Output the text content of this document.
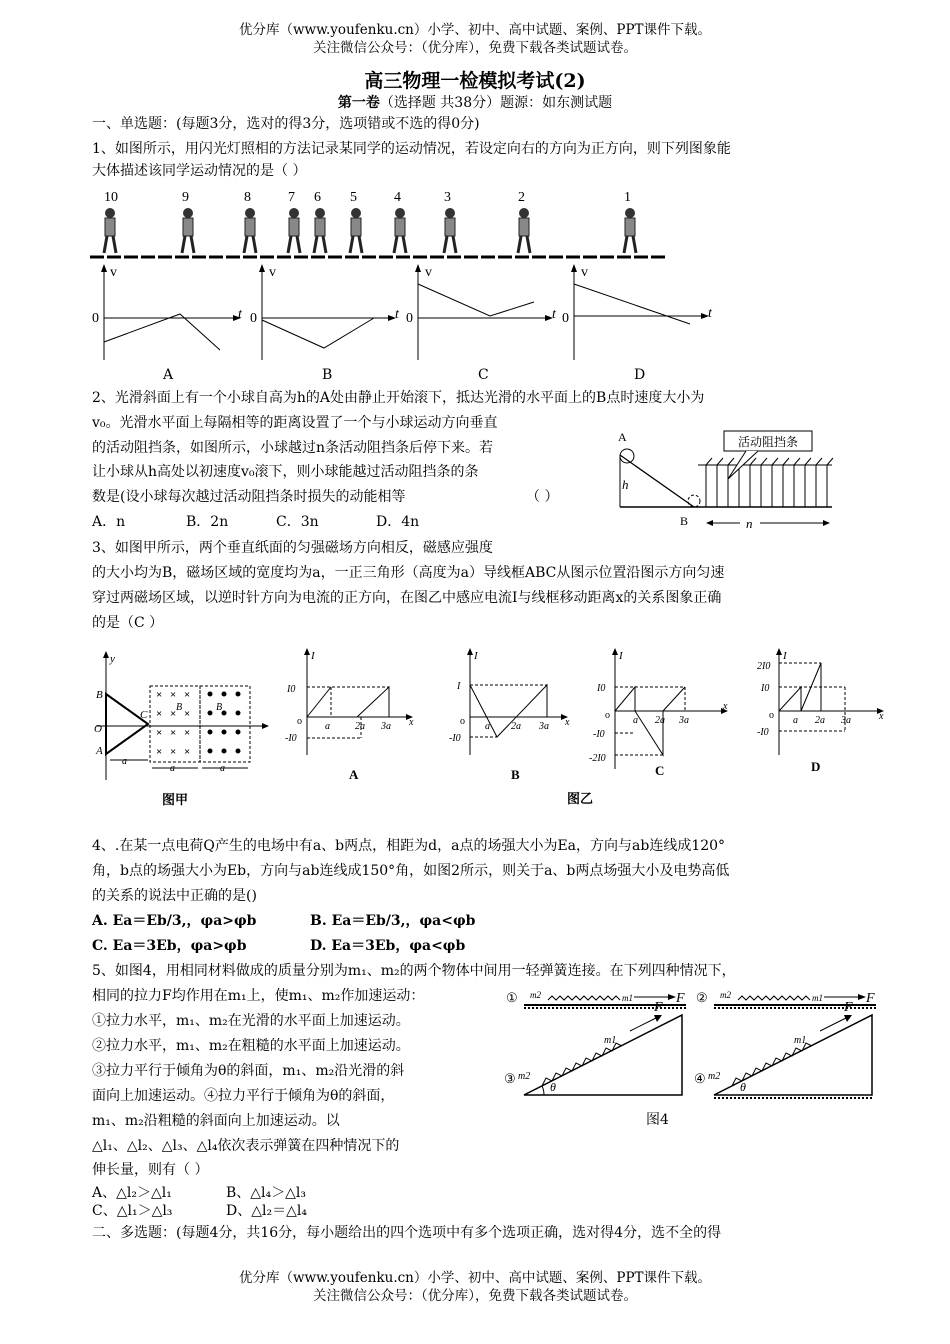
优分库（www.youfenku.cn）小学、初中、高中试题、案例、PPT课件下载。
关注微信公众号：（优分库），免费下载各类试题试卷。
高三物理一检模拟考试(2)
第一卷（选择题 共38分）题源：如东测试题
一、单选题：(每题3分，选对的得3分，选项错或不选的得0分)
1、如图所示，用闪光灯照相的方法记录某同学的运动情况，若设定向右的方向为正方向，则下列图象能
大体描述该同学运动情况的是（ ）
10	9	8	7 6 5	4	3	2	1
v
t
0
v
t
0
v
t
0
v
t
0
A	B	C	D
2、光滑斜面上有一个小球自高为h的A处由静止开始滚下，抵达光滑的水平面上的B点时速度大小为
v₀。光滑水平面上每隔相等的距离设置了一个与小球运动方向垂直
的活动阻挡条，如图所示，小球越过n条活动阻挡条后停下来。若
让小球从h高处以初速度v₀滚下，则小球能越过活动阻挡条的条
数是(设小球每次越过活动阻挡条时损失的动能相等	（ ）
A．n	B．2n	C．3n	D．4n
A
B
h
n
活动阻挡条
3、如图甲所示，两个垂直纸面的匀强磁场方向相反，磁感应强度
的大小均为B，磁场区域的宽度均为a，一正三角形（高度为a）导线框ABC从图示位置沿图示方向匀速
穿过两磁场区域，以逆时针方向为电流的正方向，在图乙中感应电流I与线框移动距离x的关系图象正确
的是（C ）
y
B
O
A
C
× × ×
× × ×
× × ×
× × ×
B	B
a
a	a
图甲
I
I0
-I0
o a	2a 3a x
A
I
I
-I0
o a 2a 3a x
B
I
I0
-I0
-2I0
o a 2a 3a
x
C
I
2I0
I0
-I0
o a 2a 3a	x
D
图乙
4、.在某一点电荷Q产生的电场中有a、b两点，相距为d，a点的场强大小为Ea，方向与ab连线成120°
角，b点的场强大小为Eb，方向与ab连线成150°角，如图2所示，则关于a、b两点场强大小及电势高低
的关系的说法中正确的是()
A. Ea＝Eb/3,，φa>φb	B. Ea＝Eb/3,，φa<φb
C. Ea＝3Eb，φa>φb	D. Ea＝3Eb，φa<φb
5、如图4，用相同材料做成的质量分别为m₁、m₂的两个物体中间用一轻弹簧连接。在下列四种情况下，
相同的拉力F均作用在m₁上，使m₁、m₂作加速运动：
①拉力水平，m₁、m₂在光滑的水平面上加速运动。
②拉力水平，m₁、m₂在粗糙的水平面上加速运动。
③拉力平行于倾角为θ的斜面，m₁、m₂沿光滑的斜
面向上加速运动。④拉力平行于倾角为θ的斜面，
m₁、m₂沿粗糙的斜面向上加速运动。以
△l₁、△l₂、△l₃、△l₄依次表示弹簧在四种情况下的
伸长量，则有（ ）
A、△l₂＞△l₁	B、△l₄＞△l₃
C、△l₁＞△l₃	D、△l₂＝△l₄
① m2	m1	F ② m2	m1	F
③ m2
m1
F
θ
④ m2
m1
F
θ
图4
二、多选题：(每题4分，共16分，每小题给出的四个选项中有多个选项正确，选对得4分，选不全的得
优分库（www.youfenku.cn）小学、初中、高中试题、案例、PPT课件下载。
关注微信公众号：（优分库），免费下载各类试题试卷。
